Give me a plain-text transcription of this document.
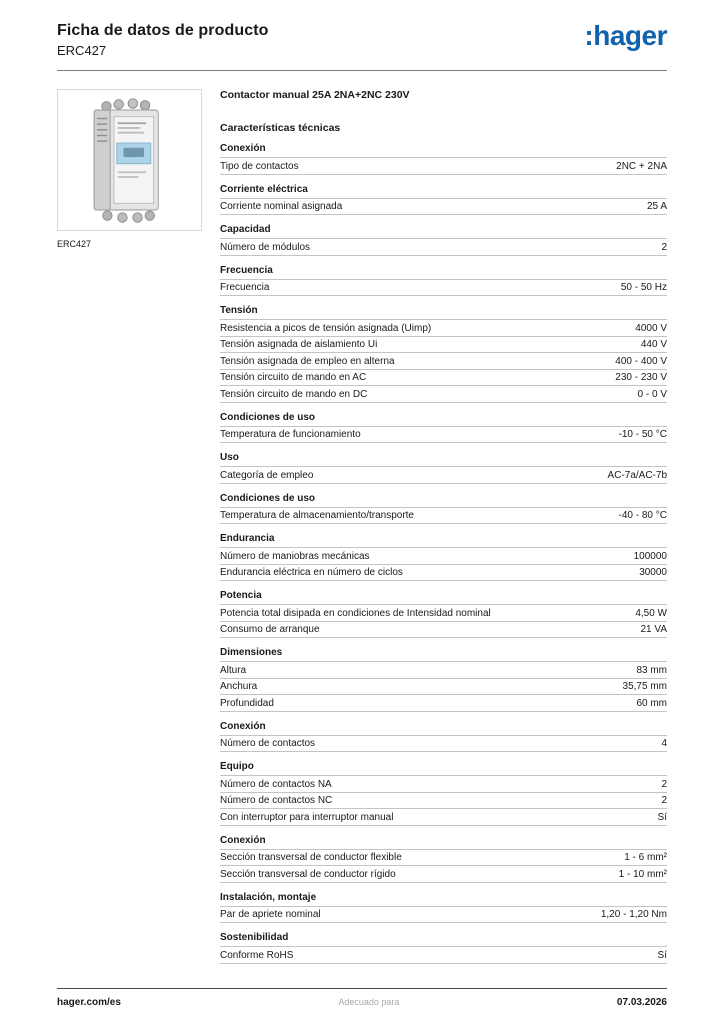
Ficha de datos de producto
ERC427	:hager
ERC427
Contactor manual 25A 2NA+2NC 230V
Características técnicas
Conexión
Tipo de contactos	2NC + 2NA
Corriente eléctrica
Corriente nominal asignada	25 A
Capacidad
Número de módulos	2
Frecuencia
Frecuencia	50 - 50 Hz
Tensión
Resistencia a picos de tensión asignada (Uimp)	4000 V
Tensión asignada de aislamiento Ui	440 V
Tensión asignada de empleo en alterna	400 - 400 V
Tensión circuito de mando en AC	230 - 230 V
Tensión circuito de mando en DC	0 - 0 V
Condiciones de uso
Temperatura de funcionamiento	-10 - 50 °C
Uso
Categoría de empleo	AC-7a/AC-7b
Condiciones de uso
Temperatura de almacenamiento/transporte	-40 - 80 °C
Endurancia
Número de maniobras mecánicas	100000
Endurancia eléctrica en número de ciclos	30000
Potencia
Potencia total disipada en condiciones de Intensidad nominal	4,50 W
Consumo de arranque	21 VA
Dimensiones
Altura	83 mm
Anchura	35,75 mm
Profundidad	60 mm
Conexión
Número de contactos	4
Equipo
Número de contactos NA	2
Número de contactos NC	2
Con interruptor para interruptor manual	Sí
Conexión
Sección transversal de conductor flexible	1 - 6 mm²
Sección transversal de conductor rígido	1 - 10 mm²
Instalación, montaje
Par de apriete nominal	1,20 - 1,20 Nm
Sostenibilidad
Conforme RoHS	Sí
hager.com/es	Adecuado para	07.03.2026
